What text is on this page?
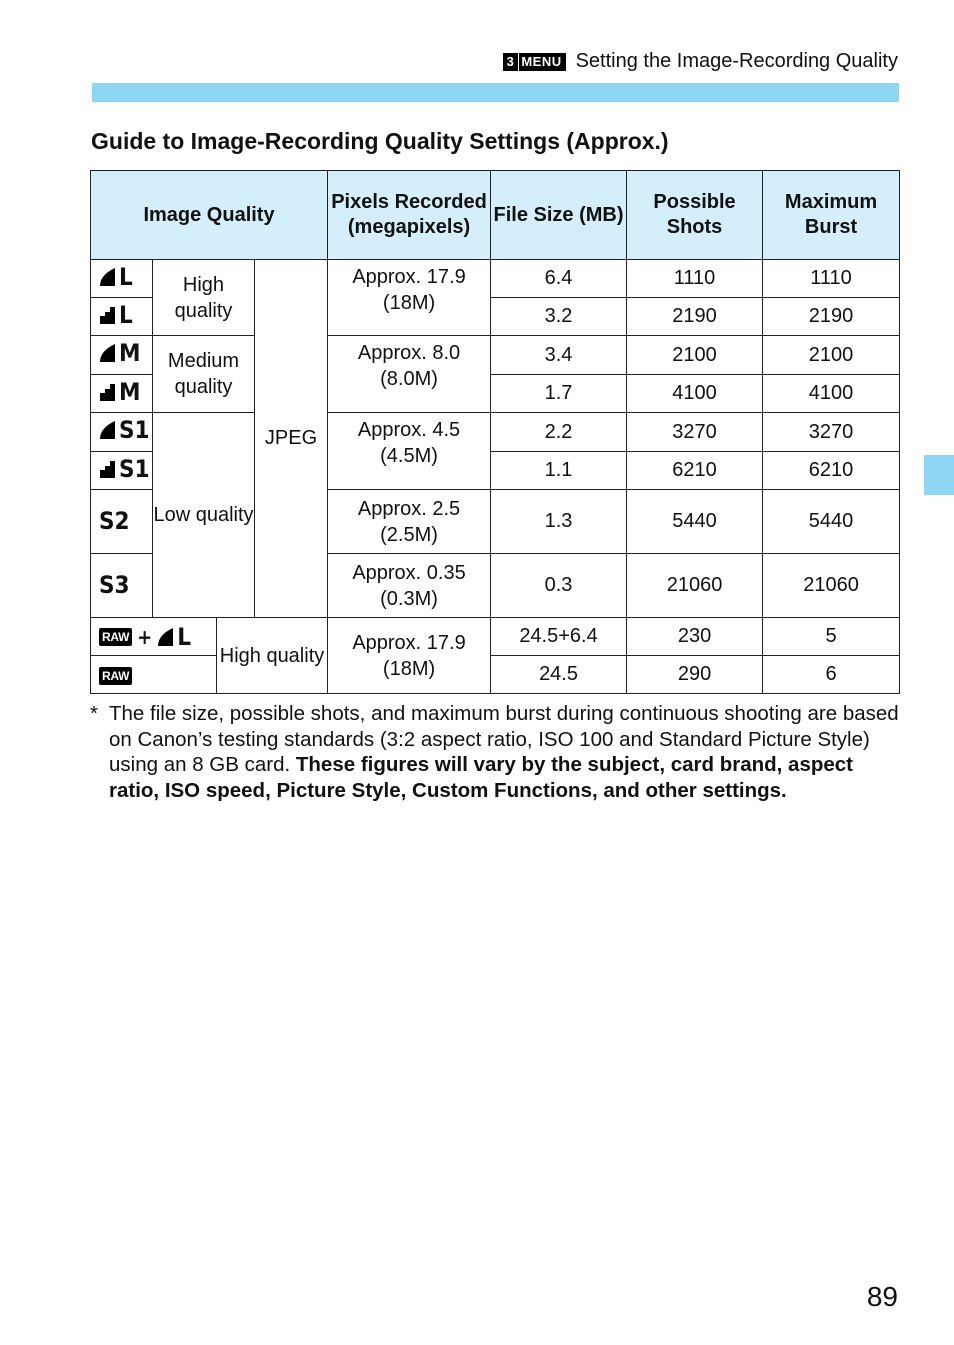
3 MENU Setting the Image-Recording Quality
Guide to Image-Recording Quality Settings (Approx.)
Image Quality				Pixels Recorded (megapixels)	File Size (MB)	Possible Shots	Maximum Burst

L	High quality		JPEG	Approx. 17.9 (18M)	6.4	1110	1110

L					3.2	2190	2190

M	Medium quality			Approx. 8.0 (8.0M)	3.4	2100	2100

M					1.7	4100	4100

S1	Low quality			Approx. 4.5 (4.5M)	2.2	3270	3270

S1					1.1	6210	6210

S2				Approx. 2.5 (2.5M)	1.3	5440	5440

S3				Approx. 0.35 (0.3M)	0.3	21060	21060

RAW + L		High quality		Approx. 17.9 (18M)	24.5+6.4	230	5

RAW					24.5	290	6
* The file size, possible shots, and maximum burst during continuous shooting are based on Canon’s testing standards (3:2 aspect ratio, ISO 100 and Standard Picture Style) using an 8 GB card. These figures will vary by the subject, card brand, aspect ratio, ISO speed, Picture Style, Custom Functions, and other settings.
89
